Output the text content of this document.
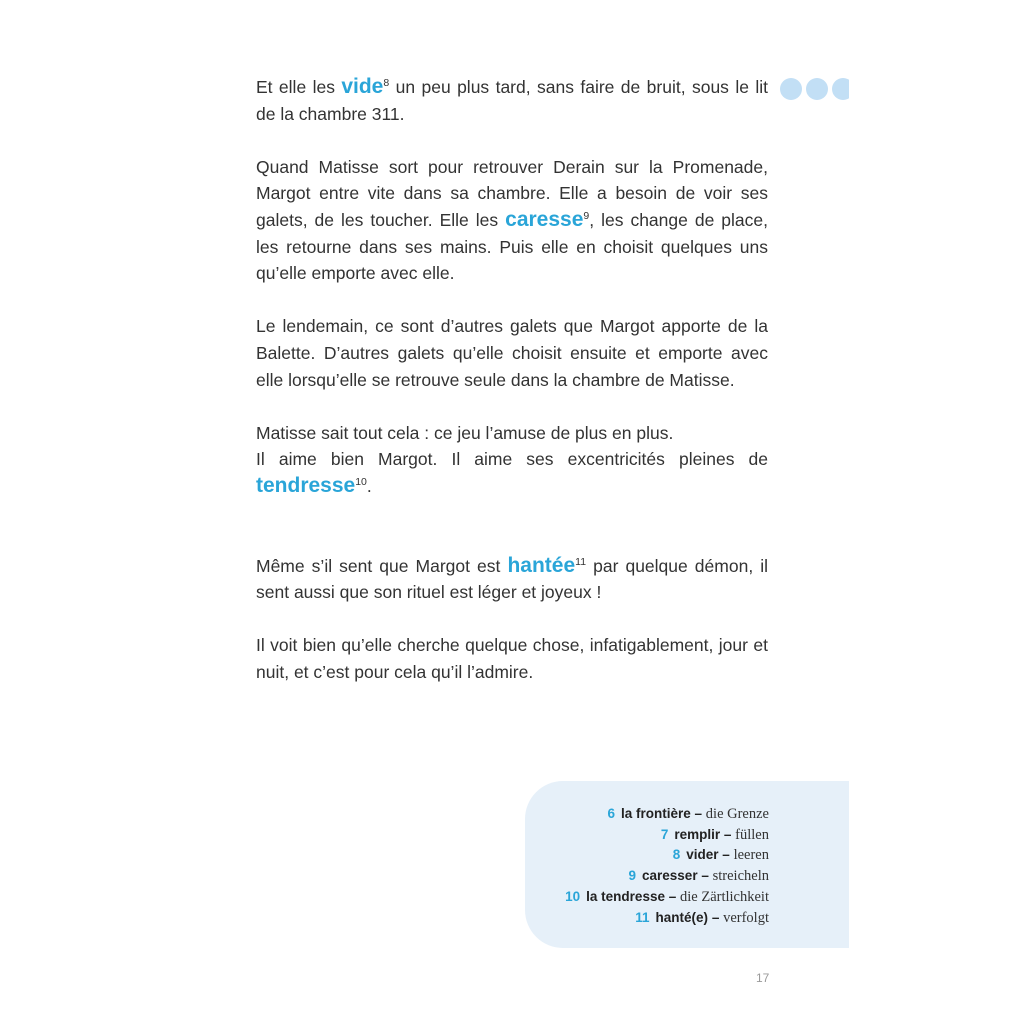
Et elle les vide$^8$ un peu plus tard, sans faire de bruit, sous le lit de la chambre 311.

Quand Matisse sort pour retrouver Derain sur la Promenade, Margot entre vite dans sa chambre. Elle a besoin de voir ses galets, de les toucher. Elle les caresse$^9$, les change de place, les retourne dans ses mains. Puis elle en choisit quelques uns qu’elle emporte avec elle.

Le lendemain, ce sont d’autres galets que Margot apporte de la Balette. D’autres galets qu’elle choisit ensuite et emporte avec elle lorsqu’elle se retrouve seule dans la chambre de Matisse.

Matisse sait tout cela : ce jeu l’amuse de plus en plus.
Il aime bien Margot. Il aime ses excentricités pleines de tendresse$^{10}$.

Même s’il sent que Margot est hantée$^{11}$ par quelque démon, il sent aussi que son rituel est léger et joyeux !

Il voit bien qu’elle cherche quelque chose, infatigablement, jour et nuit, et c’est pour cela qu’il l’admire.

6 la frontière – die Grenze
7 remplir – füllen
8 vider – leeren
9 caresser – streicheln
10 la tendresse – die Zärtlichkeit
11 hanté(e) – verfolgt
17
